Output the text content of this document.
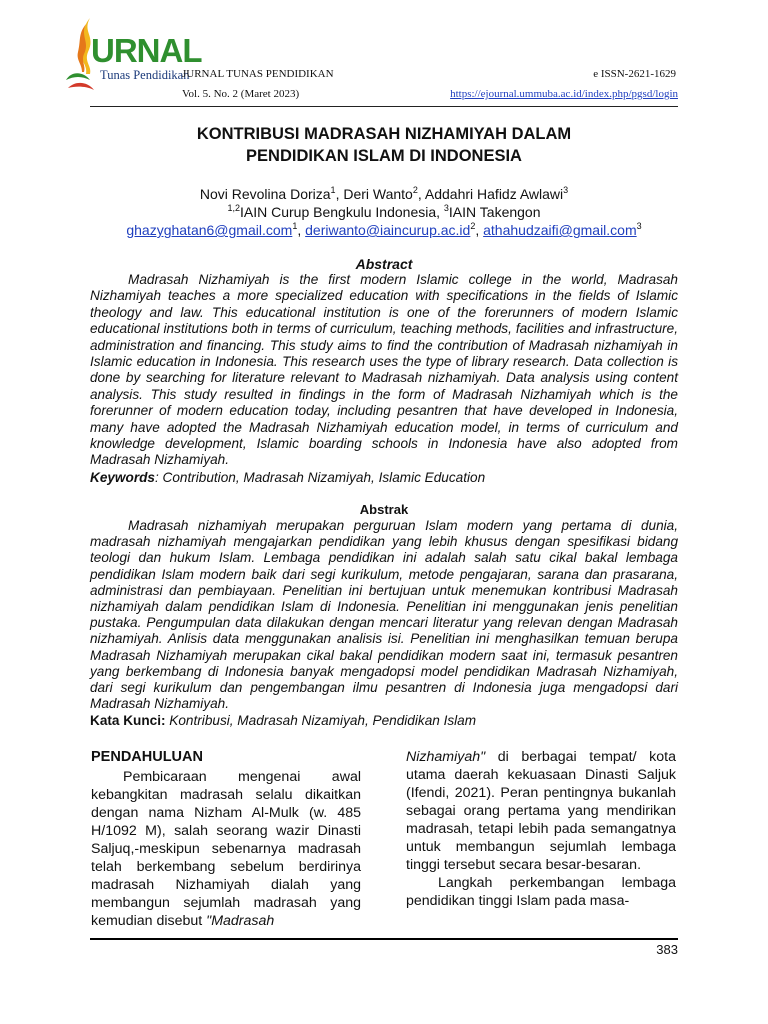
URNAL
Tunas Pendidikan
JURNAL TUNAS PENDIDIKAN
Vol. 5. No. 2 (Maret 2023)
e ISSN-2621-1629
https://ejournal.ummuba.ac.id/index.php/pgsd/login
KONTRIBUSI MADRASAH NIZHAMIYAH DALAM
PENDIDIKAN ISLAM DI INDONESIA
Novi Revolina Doriza$^1$, Deri Wanto$^2$, Addahri Hafidz Awlawi$^3$
$^{1,2}$IAIN Curup Bengkulu Indonesia, $^3$IAIN Takengon
ghazyghatan6@gmail.com$^1$, $deriwanto@iaincurup.ac.id^2$, athahudzaifi@gmail.com$^3$
Abstract

Madrasah Nizhamiyah is the first modern Islamic college in the world, Madrasah Nizhamiyah teaches a more specialized education with specifications in the fields of Islamic theology and law. This educational institution is one of the forerunners of modern Islamic educational institutions both in terms of curriculum, teaching methods, facilities and infrastructure, administration and financing. This study aims to find the contribution of Madrasah nizhamiyah in Islamic education in Indonesia. This research uses the type of library research. Data collection is done by searching for literature relevant to Madrasah nizhamiyah. Data analysis using content analysis. This study resulted in findings in the form of Madrasah Nizhamiyah which is the forerunner of modern education today, including pesantren that have developed in Indonesia, many have adopted the Madrasah Nizhamiyah education model, in terms of curriculum and knowledge development, Islamic boarding schools in Indonesia have also adopted from Madrasah Nizhamiyah.

Keywords: Contribution, Madrasah Nizamiyah, Islamic Education
Abstrak

Madrasah nizhamiyah merupakan perguruan Islam modern yang pertama di dunia, madrasah nizhamiyah mengajarkan pendidikan yang lebih khusus dengan spesifikasi bidang teologi dan hukum Islam. Lembaga pendidikan ini adalah salah satu cikal bakal lembaga pendidikan Islam modern baik dari segi kurikulum, metode pengajaran, sarana dan prasarana, administrasi dan pembiayaan. Penelitian ini bertujuan untuk menemukan kontribusi Madrasah nizhamiyah dalam pendidikan Islam di Indonesia. Penelitian ini menggunakan jenis penelitian pustaka. Pengumpulan data dilakukan dengan mencari literatur yang relevan dengan Madrasah nizhamiyah. Anlisis data menggunakan analisis isi. Penelitian ini menghasilkan temuan berupa Madrasah Nizhamiyah merupakan cikal bakal pendidikan modern saat ini, termasuk pesantren yang berkembang di Indonesia banyak mengadopsi model pendidikan Madrasah Nizhamiyah, dari segi kurikulum dan pengembangan ilmu pesantren di Indonesia juga mengadopsi dari Madrasah Nizhamiyah.

Kata Kunci: Kontribusi, Madrasah Nizamiyah, Pendidikan Islam
PENDAHULUAN

Pembicaraan mengenai awal kebangkitan madrasah selalu dikaitkan dengan nama Nizham Al-Mulk (w. 485 H/1092 M), salah seorang wazir Dinasti Saljuq,-meskipun sebenarnya madrasah telah berkembang sebelum berdirinya madrasah Nizhamiyah dialah yang membangun sejumlah madrasah yang kemudian disebut "Madrasah

Nizhamiyah" di berbagai tempat/ kota utama daerah kekuasaan Dinasti Saljuk (Ifendi, 2021). Peran pentingnya bukanlah sebagai orang pertama yang mendirikan madrasah, tetapi lebih pada semangatnya untuk membangun sejumlah lembaga tinggi tersebut secara besar-besaran.

Langkah perkembangan lembaga pendidikan tinggi Islam pada masa-

383
